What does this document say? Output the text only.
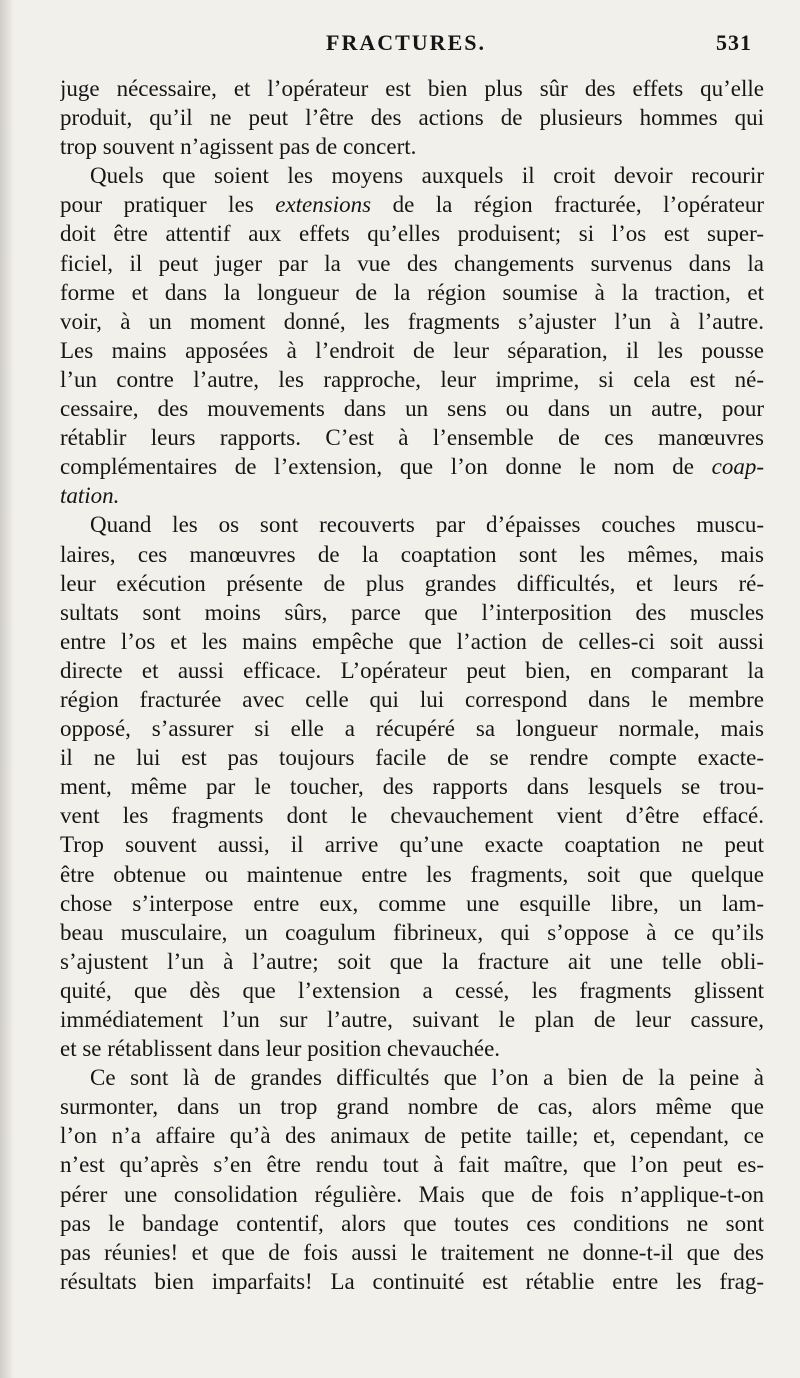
FRACTURES.	531
juge nécessaire, et l’opérateur est bien plus sûr des effets qu’elle
produit, qu’il ne peut l’être des actions de plusieurs hommes qui
trop souvent n’agissent pas de concert.
Quels que soient les moyens auxquels il croit devoir recourir
pour pratiquer les extensions de la région fracturée, l’opérateur
doit être attentif aux effets qu’elles produisent; si l’os est super-
ficiel, il peut juger par la vue des changements survenus dans la
forme et dans la longueur de la région soumise à la traction, et
voir, à un moment donné, les fragments s’ajuster l’un à l’autre.
Les mains apposées à l’endroit de leur séparation, il les pousse
l’un contre l’autre, les rapproche, leur imprime, si cela est né-
cessaire, des mouvements dans un sens ou dans un autre, pour
rétablir leurs rapports. C’est à l’ensemble de ces manœuvres
complémentaires de l’extension, que l’on donne le nom de coap-
tation.
Quand les os sont recouverts par d’épaisses couches muscu-
laires, ces manœuvres de la coaptation sont les mêmes, mais
leur exécution présente de plus grandes difficultés, et leurs ré-
sultats sont moins sûrs, parce que l’interposition des muscles
entre l’os et les mains empêche que l’action de celles-ci soit aussi
directe et aussi efficace. L’opérateur peut bien, en comparant la
région fracturée avec celle qui lui correspond dans le membre
opposé, s’assurer si elle a récupéré sa longueur normale, mais
il ne lui est pas toujours facile de se rendre compte exacte-
ment, même par le toucher, des rapports dans lesquels se trou-
vent les fragments dont le chevauchement vient d’être effacé.
Trop souvent aussi, il arrive qu’une exacte coaptation ne peut
être obtenue ou maintenue entre les fragments, soit que quelque
chose s’interpose entre eux, comme une esquille libre, un lam-
beau musculaire, un coagulum fibrineux, qui s’oppose à ce qu’ils
s’ajustent l’un à l’autre; soit que la fracture ait une telle obli-
quité, que dès que l’extension a cessé, les fragments glissent
immédiatement l’un sur l’autre, suivant le plan de leur cassure,
et se rétablissent dans leur position chevauchée.
Ce sont là de grandes difficultés que l’on a bien de la peine à
surmonter, dans un trop grand nombre de cas, alors même que
l’on n’a affaire qu’à des animaux de petite taille; et, cependant, ce
n’est qu’après s’en être rendu tout à fait maître, que l’on peut es-
pérer une consolidation régulière. Mais que de fois n’applique-t-on
pas le bandage contentif, alors que toutes ces conditions ne sont
pas réunies! et que de fois aussi le traitement ne donne-t-il que des
résultats bien imparfaits! La continuité est rétablie entre les frag-
